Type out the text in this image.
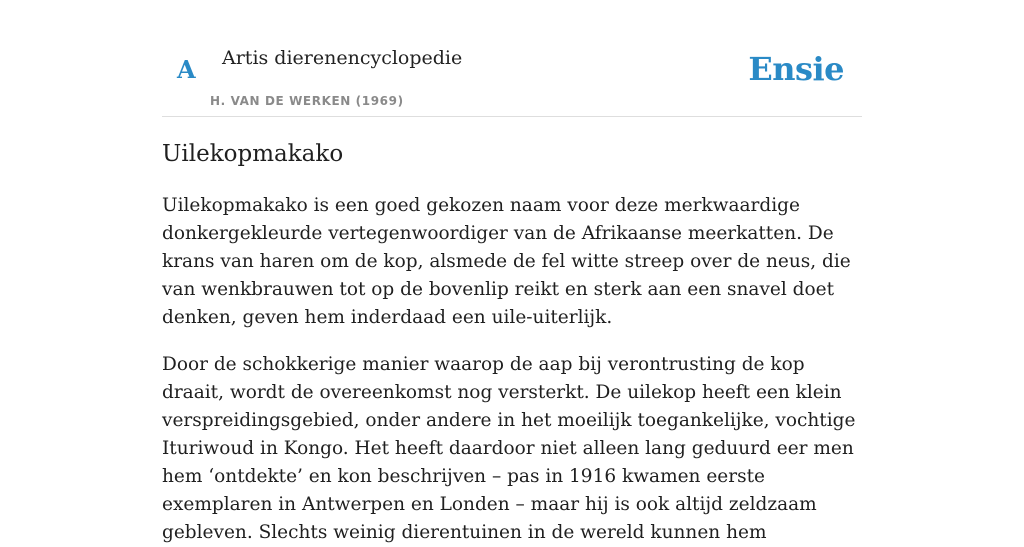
A Artis dierenencyclopedie
H. VAN DE WERKEN (1969)
Ensie
Uilekopmakako

Uilekopmakako is een goed gekozen naam voor deze merkwaardige donkergekleurde vertegenwoordiger van de Afrikaanse meerkatten. De krans van haren om de kop, alsmede de fel witte streep over de neus, die van wenkbrauwen tot op de bovenlip reikt en sterk aan een snavel doet denken, geven hem inderdaad een uile-uiterlijk.

Door de schokkerige manier waarop de aap bij verontrusting de kop draait, wordt de overeenkomst nog versterkt. De uilekop heeft een klein verspreidingsgebied, onder andere in het moeilijk toegankelijke, vochtige Ituriwoud in Kongo. Het heeft daardoor niet alleen lang geduurd eer men hem ‘ontdekte’ en kon beschrijven – pas in 1916 kwamen eerste exemplaren in Antwerpen en Londen – maar hij is ook altijd zeldzaam gebleven. Slechts weinig dierentuinen in de wereld kunnen hem
